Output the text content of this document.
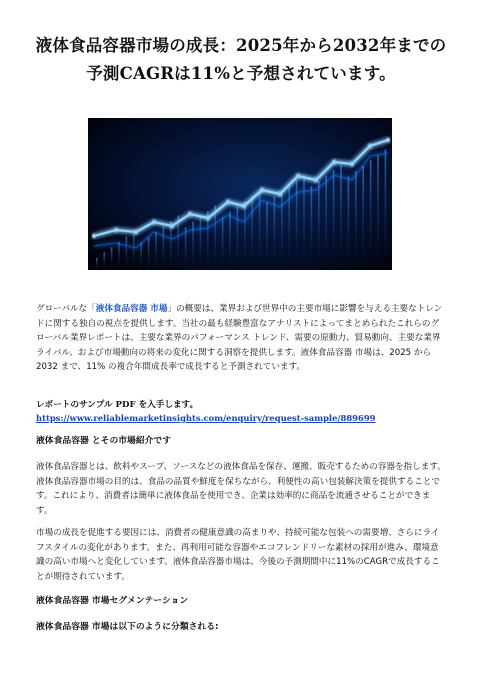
液体食品容器市場の成長：2025年から2032年までの予測CAGRは11%と予想されています。

グローバルな「液体食品容器 市場」の概要は、業界および世界中の主要市場に影響を与える主要なトレンドに関する独自の視点を提供します。当社の最も経験豊富なアナリストによってまとめられたこれらのグローバル業界レポートは、主要な業界のパフォーマンス トレンド、需要の原動力、貿易動向、主要な業界ライバル、および市場動向の将来の変化に関する洞察を提供します。液体食品容器 市場は、2025 から 2032 まで、11% の複合年間成長率で成長すると予測されています。

レポートのサンプル PDF を入手します。

https://www.reliablemarketinsights.com/enquiry/request-sample/889699

液体食品容器 とその市場紹介です

液体食品容器とは、飲料やスープ、ソースなどの液体食品を保存、運搬、販売するための容器を指します。液体食品容器市場の目的は、食品の品質や鮮度を保ちながら、利便性の高い包装解決策を提供することです。これにより、消費者は簡単に液体食品を使用でき、企業は効率的に商品を流通させることができます。

市場の成長を促進する要因には、消費者の健康意識の高まりや、持続可能な包装への需要増、さらにライフスタイルの変化があります。また、再利用可能な容器やエコフレンドリーな素材の採用が進み、環境意識の高い市場へと変化しています。液体食品容器市場は、今後の予測期間中に11%のCAGRで成長することが期待されています。

液体食品容器 市場セグメンテーション

液体食品容器 市場は以下のように分類される:
